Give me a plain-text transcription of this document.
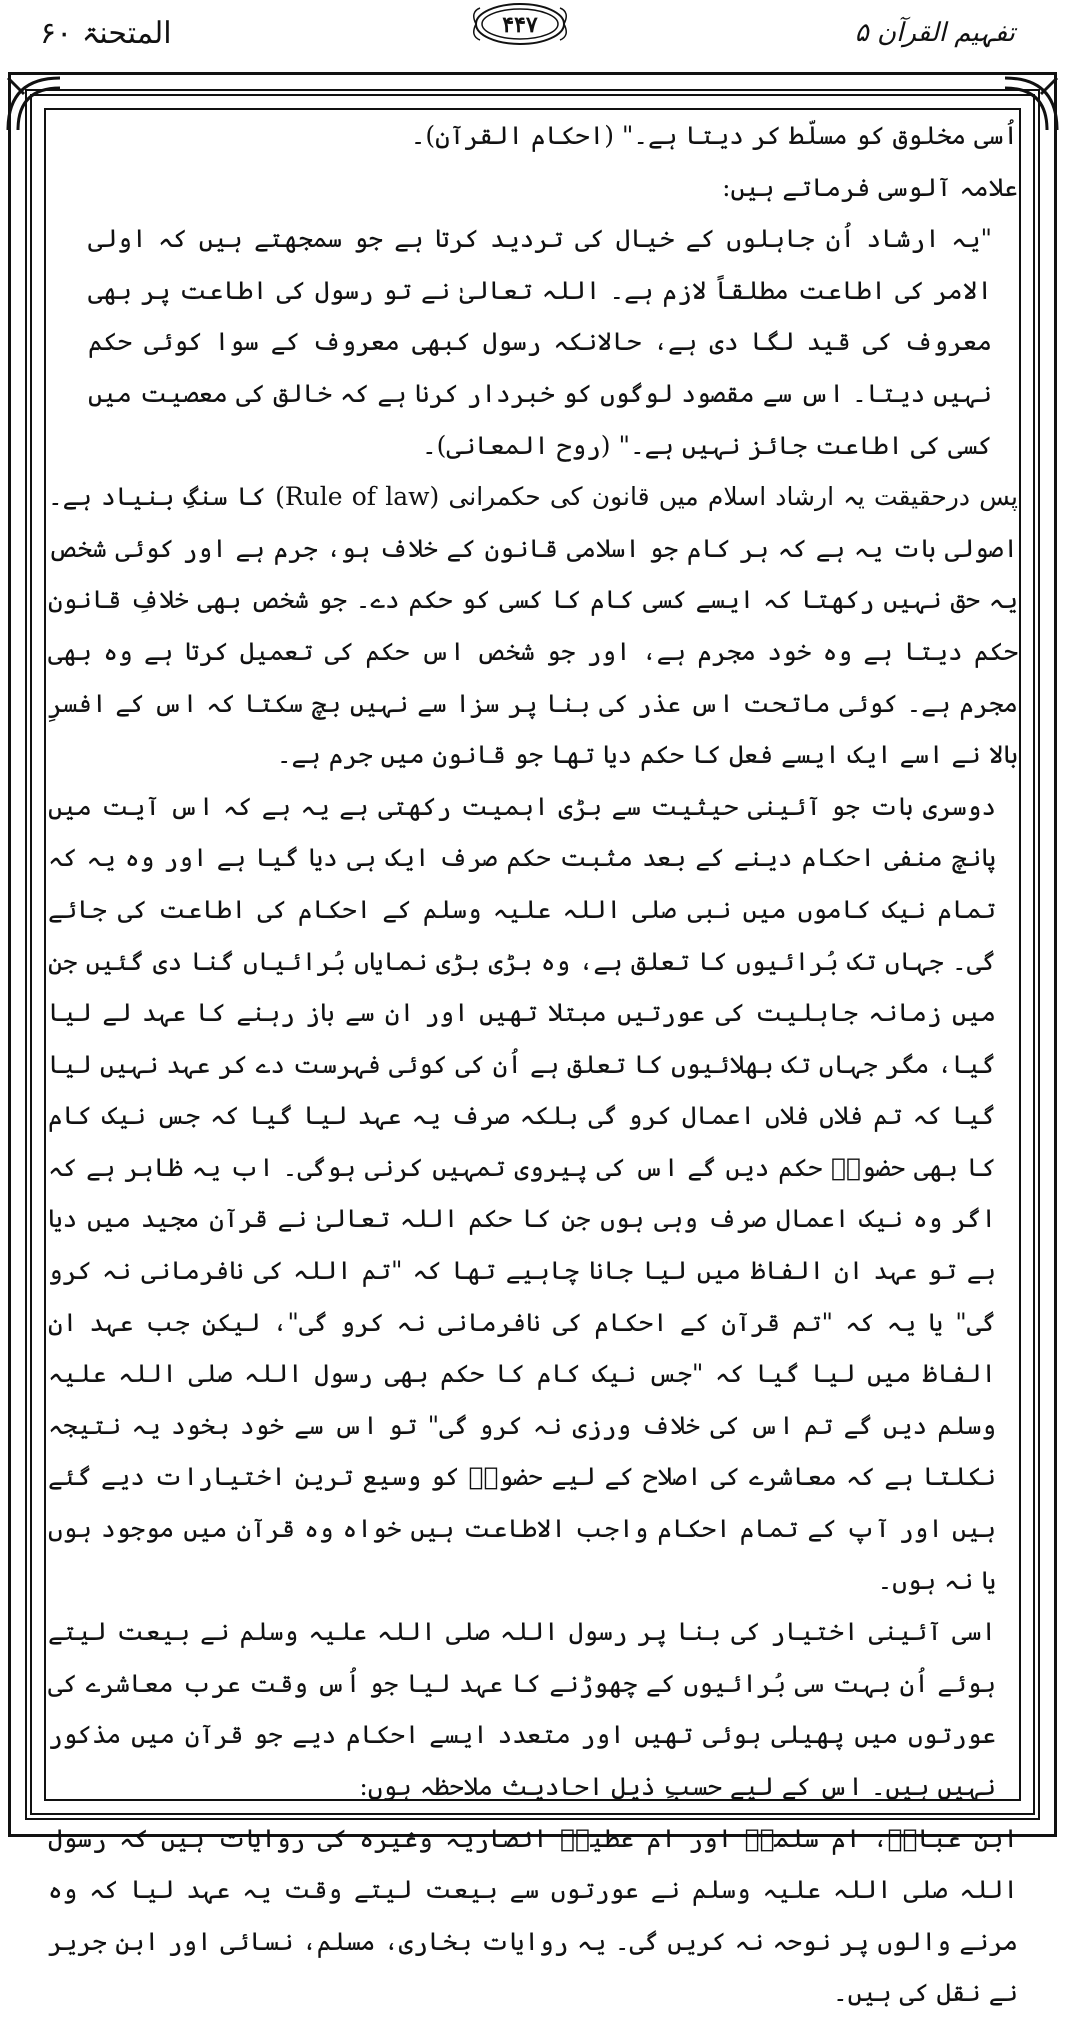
تفہیم القرآن ۵
۴۴۷
المتحنۃ ۶۰

اُسی مخلوق کو مسلّط کر دیتا ہے۔" (احکام القرآن)۔

علامہ آلوسی فرماتے ہیں:

"یہ ارشاد اُن جاہلوں کے خیال کی تردید کرتا ہے جو سمجھتے ہیں کہ اولی الامر کی اطاعت مطلقاً لازم ہے۔ اللہ تعالیٰ نے تو رسول کی اطاعت پر بھی معروف کی قید لگا دی ہے، حالانکہ رسول کبھی معروف کے سوا کوئی حکم نہیں دیتا۔ اس سے مقصود لوگوں کو خبردار کرنا ہے کہ خالق کی معصیت میں کسی کی اطاعت جائز نہیں ہے۔" (روح المعانی)۔

پس درحقیقت یہ ارشاد اسلام میں قانون کی حکمرانی (Rule of law) کا سنگِ بنیاد ہے۔ اصولی بات یہ ہے کہ ہر کام جو اسلامی قانون کے خلاف ہو، جرم ہے اور کوئی شخص یہ حق نہیں رکھتا کہ ایسے کسی کام کا کسی کو حکم دے۔ جو شخص بھی خلافِ قانون حکم دیتا ہے وہ خود مجرم ہے، اور جو شخص اس حکم کی تعمیل کرتا ہے وہ بھی مجرم ہے۔ کوئی ماتحت اس عذر کی بنا پر سزا سے نہیں بچ سکتا کہ اس کے افسرِ بالا نے اسے ایک ایسے فعل کا حکم دیا تھا جو قانون میں جرم ہے۔

دوسری بات جو آئینی حیثیت سے بڑی اہمیت رکھتی ہے یہ ہے کہ اس آیت میں پانچ منفی احکام دینے کے بعد مثبت حکم صرف ایک ہی دیا گیا ہے اور وہ یہ کہ تمام نیک کاموں میں نبی صلی اللہ علیہ وسلم کے احکام کی اطاعت کی جائے گی۔ جہاں تک بُرائیوں کا تعلق ہے، وہ بڑی بڑی نمایاں بُرائیاں گنا دی گئیں جن میں زمانہ جاہلیت کی عورتیں مبتلا تھیں اور ان سے باز رہنے کا عہد لے لیا گیا، مگر جہاں تک بھلائیوں کا تعلق ہے اُن کی کوئی فہرست دے کر عہد نہیں لیا گیا کہ تم فلاں فلاں اعمال کرو گی بلکہ صرف یہ عہد لیا گیا کہ جس نیک کام کا بھی حضورؐ حکم دیں گے اس کی پیروی تمہیں کرنی ہوگی۔ اب یہ ظاہر ہے کہ اگر وہ نیک اعمال صرف وہی ہوں جن کا حکم اللہ تعالیٰ نے قرآن مجید میں دیا ہے تو عہد ان الفاظ میں لیا جانا چاہیے تھا کہ "تم اللہ کی نافرمانی نہ کرو گی" یا یہ کہ "تم قرآن کے احکام کی نافرمانی نہ کرو گی"، لیکن جب عہد ان الفاظ میں لیا گیا کہ "جس نیک کام کا حکم بھی رسول اللہ صلی اللہ علیہ وسلم دیں گے تم اس کی خلاف ورزی نہ کرو گی" تو اس سے خود بخود یہ نتیجہ نکلتا ہے کہ معاشرے کی اصلاح کے لیے حضورؐ کو وسیع ترین اختیارات دیے گئے ہیں اور آپ کے تمام احکام واجب الاطاعت ہیں خواہ وہ قرآن میں موجود ہوں یا نہ ہوں۔

اسی آئینی اختیار کی بنا پر رسول اللہ صلی اللہ علیہ وسلم نے بیعت لیتے ہوئے اُن بہت سی بُرائیوں کے چھوڑنے کا عہد لیا جو اُس وقت عرب معاشرے کی عورتوں میں پھیلی ہوئی تھیں اور متعدد ایسے احکام دیے جو قرآن میں مذکور نہیں ہیں۔ اس کے لیے حسبِ ذیل احادیث ملاحظہ ہوں:

ابن عباسؓ، ام سلمہؓ اور ام عطیہؓ انصاریہ وغیرہ کی روایات ہیں کہ رسول اللہ صلی اللہ علیہ وسلم نے عورتوں سے بیعت لیتے وقت یہ عہد لیا کہ وہ مرنے والوں پر نوحہ نہ کریں گی۔ یہ روایات بخاری، مسلم، نسائی اور ابن جریر نے نقل کی ہیں۔
